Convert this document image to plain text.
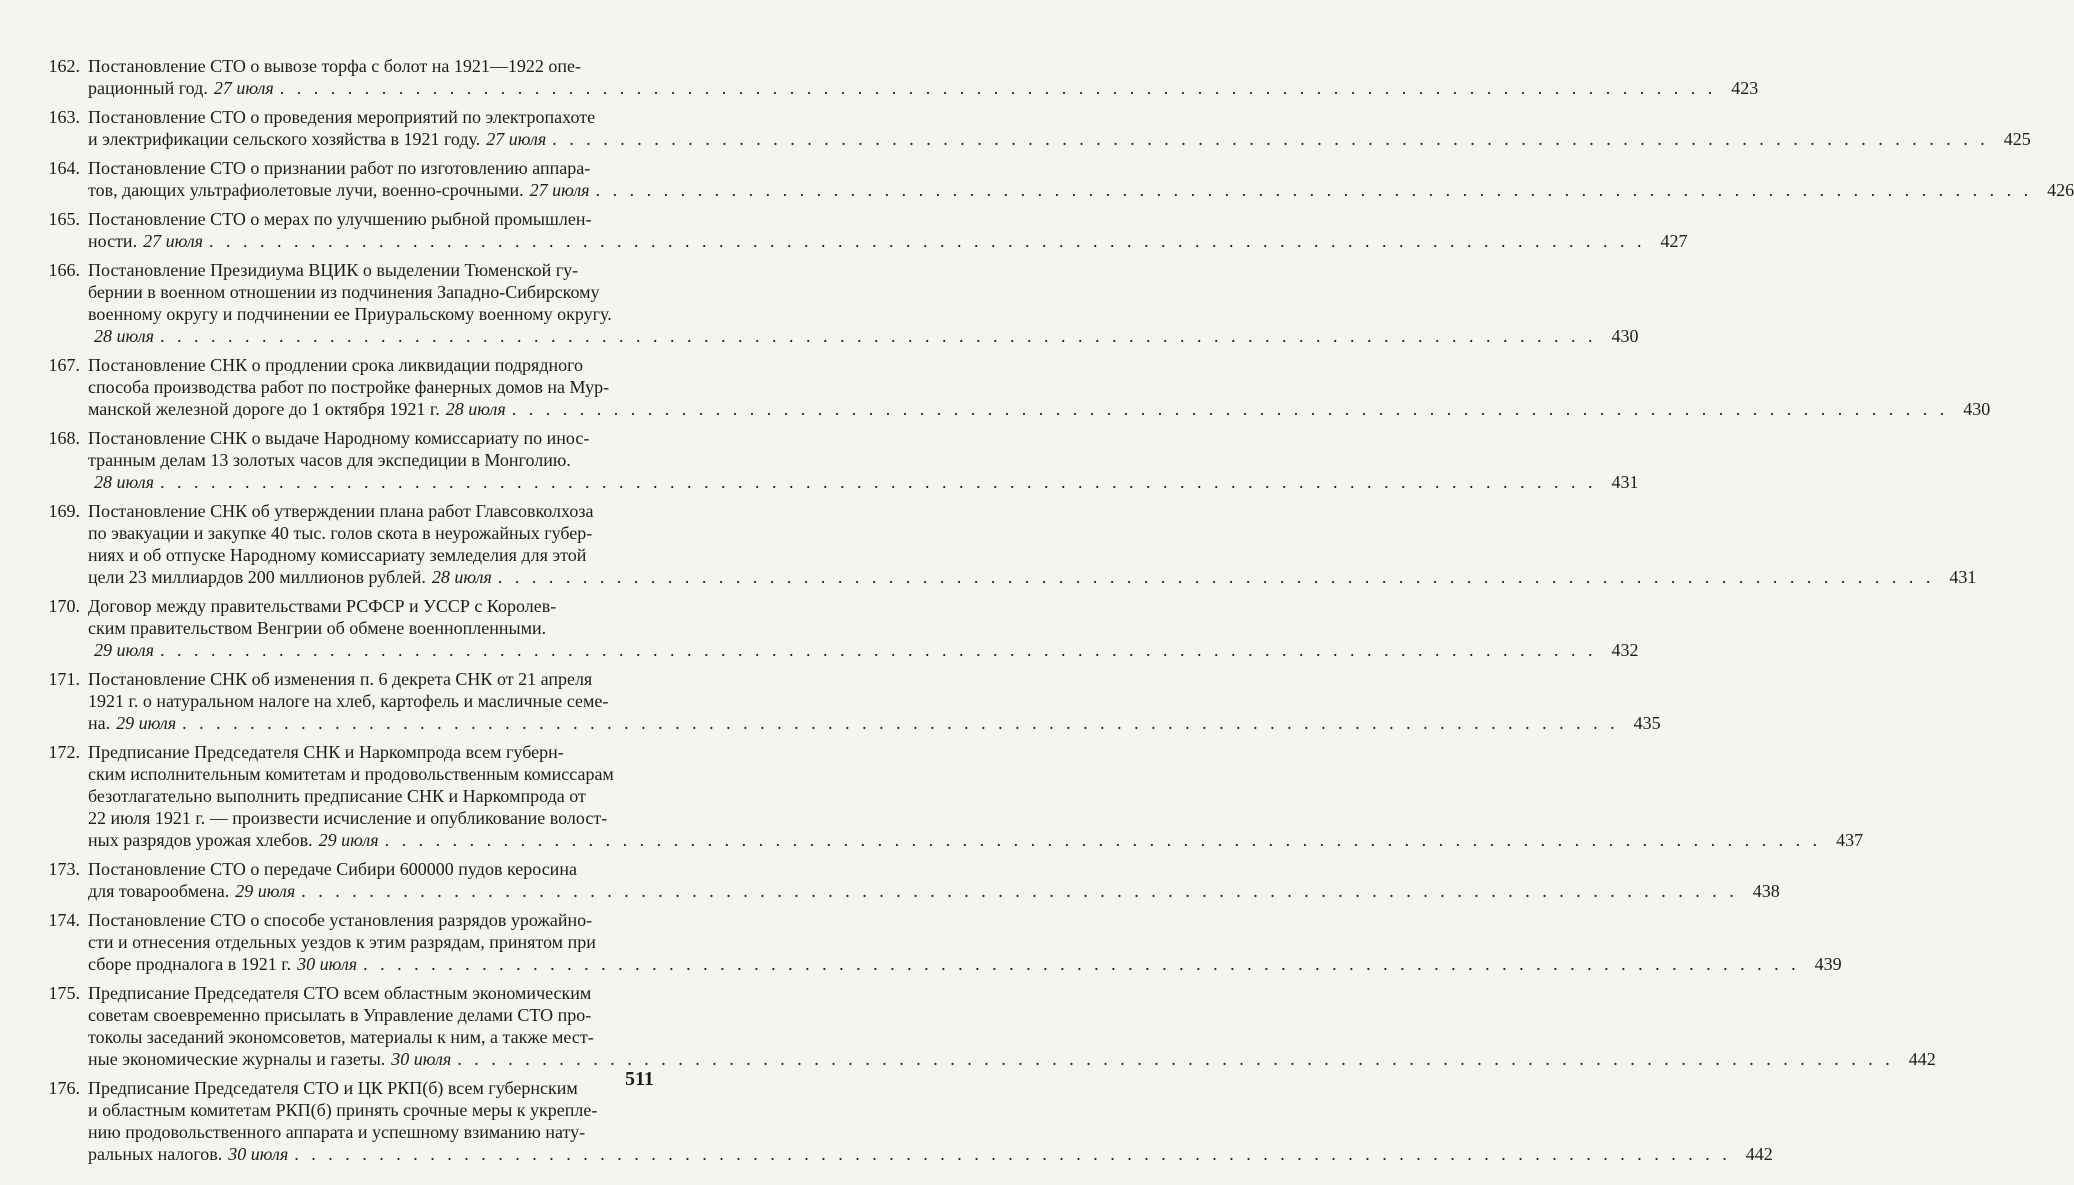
162. Постановление СТО о вывозе торфа с болот на 1921—1922 опе-
рационный год. 27 июля . . .	423
163. Постановление СТО о проведения мероприятий по электропахоте
и электрификации сельского хозяйства в 1921 году. 27 июля . . .	425
164. Постановление СТО о признании работ по изготовлению аппара-
тов, дающих ультрафиолетовые лучи, военно-срочными. 27 июля . . .	426
165. Постановление СТО о мерах по улучшению рыбной промышлен-
ности. 27 июля . . .	427
166. Постановление Президиума ВЦИК о выделении Тюменской гу-
бернии в военном отношении из подчинения Западно-Сибирскому
военному округу и подчинении ее Приуральскому военному округу.
28 июля . . .	430
167. Постановление СНК о продлении срока ликвидации подрядного
способа производства работ по постройке фанерных домов на Мур-
манской железной дороге до 1 октября 1921 г. 28 июля . . .	430
168. Постановление СНК о выдаче Народному комиссариату по инос-
транным делам 13 золотых часов для экспедиции в Монголию.
28 июля . . .	431
169. Постановление СНК об утверждении плана работ Главсовколхоза
по эвакуации и закупке 40 тыс. голов скота в неурожайных губер-
ниях и об отпуске Народному комиссариату земледелия для этой
цели 23 миллиардов 200 миллионов рублей. 28 июля . . .	431
170. Договор между правительствами РСФСР и УССР с Королев-
ским правительством Венгрии об обмене военнопленными.
29 июля . . .	432
171. Постановление СНК об изменения п. 6 декрета СНК от 21 апреля
1921 г. о натуральном налоге на хлеб, картофель и масличные семе-
на. 29 июля . . .	435
172. Предписание Председателя СНК и Наркомпрода всем губерн-
ским исполнительным комитетам и продовольственным комиссарам
безотлагательно выполнить предписание СНК и Наркомпрода от
22 июля 1921 г. — произвести исчисление и опубликование волост-
ных разрядов урожая хлебов. 29 июля . . .	437
173. Постановление СТО о передаче Сибири 600000 пудов керосина
для товарообмена. 29 июля . . .	438
174. Постановление СТО о способе установления разрядов урожайно-
сти и отнесения отдельных уездов к этим разрядам, принятом при
сборе продналога в 1921 г. 30 июля . . .	439
175. Предписание Председателя СТО всем областным экономическим
советам своевременно присылать в Управление делами СТО про-
токолы заседаний экономсоветов, материалы к ним, а также мест-
ные экономические журналы и газеты. 30 июля . . .	442
176. Предписание Председателя СТО и ЦК РКП(б) всем губернским
и областным комитетам РКП(б) принять срочные меры к укрепле-
нию продовольственного аппарата и успешному взиманию нату-
ральных налогов. 30 июля . . .	442
511
